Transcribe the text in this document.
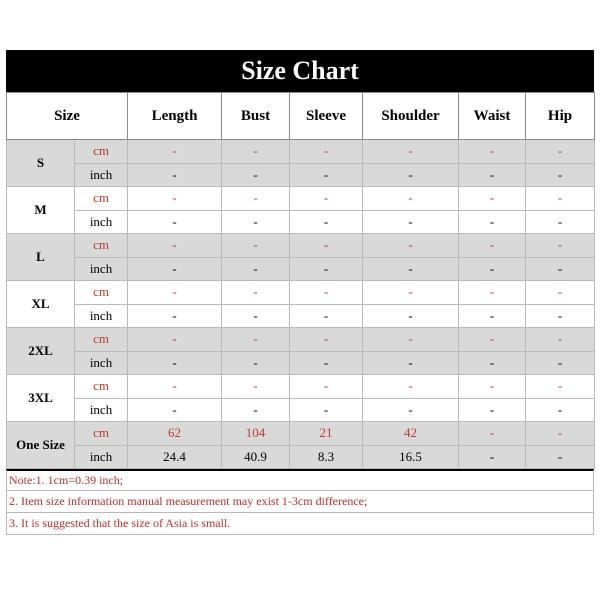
Size Chart
Size		Length	Bust	Sleeve	Shoulder	Waist	Hip
S	cm	-	-	-	-	-	-
	inch	-	-	-	-	-	-
M	cm	-	-	-	-	-	-
	inch	-	-	-	-	-	-
L	cm	-	-	-	-	-	-
	inch	-	-	-	-	-	-
XL	cm	-	-	-	-	-	-
	inch	-	-	-	-	-	-
2XL	cm	-	-	-	-	-	-
	inch	-	-	-	-	-	-
3XL	cm	-	-	-	-	-	-
	inch	-	-	-	-	-	-
One Size	cm	62	104	21	42	-	-
	inch	24.4	40.9	8.3	16.5	-	-
Note:1. 1cm=0.39 inch;
2. Item size information manual measurement may exist 1-3cm difference;
3. It is suggested that the size of Asia is small.
